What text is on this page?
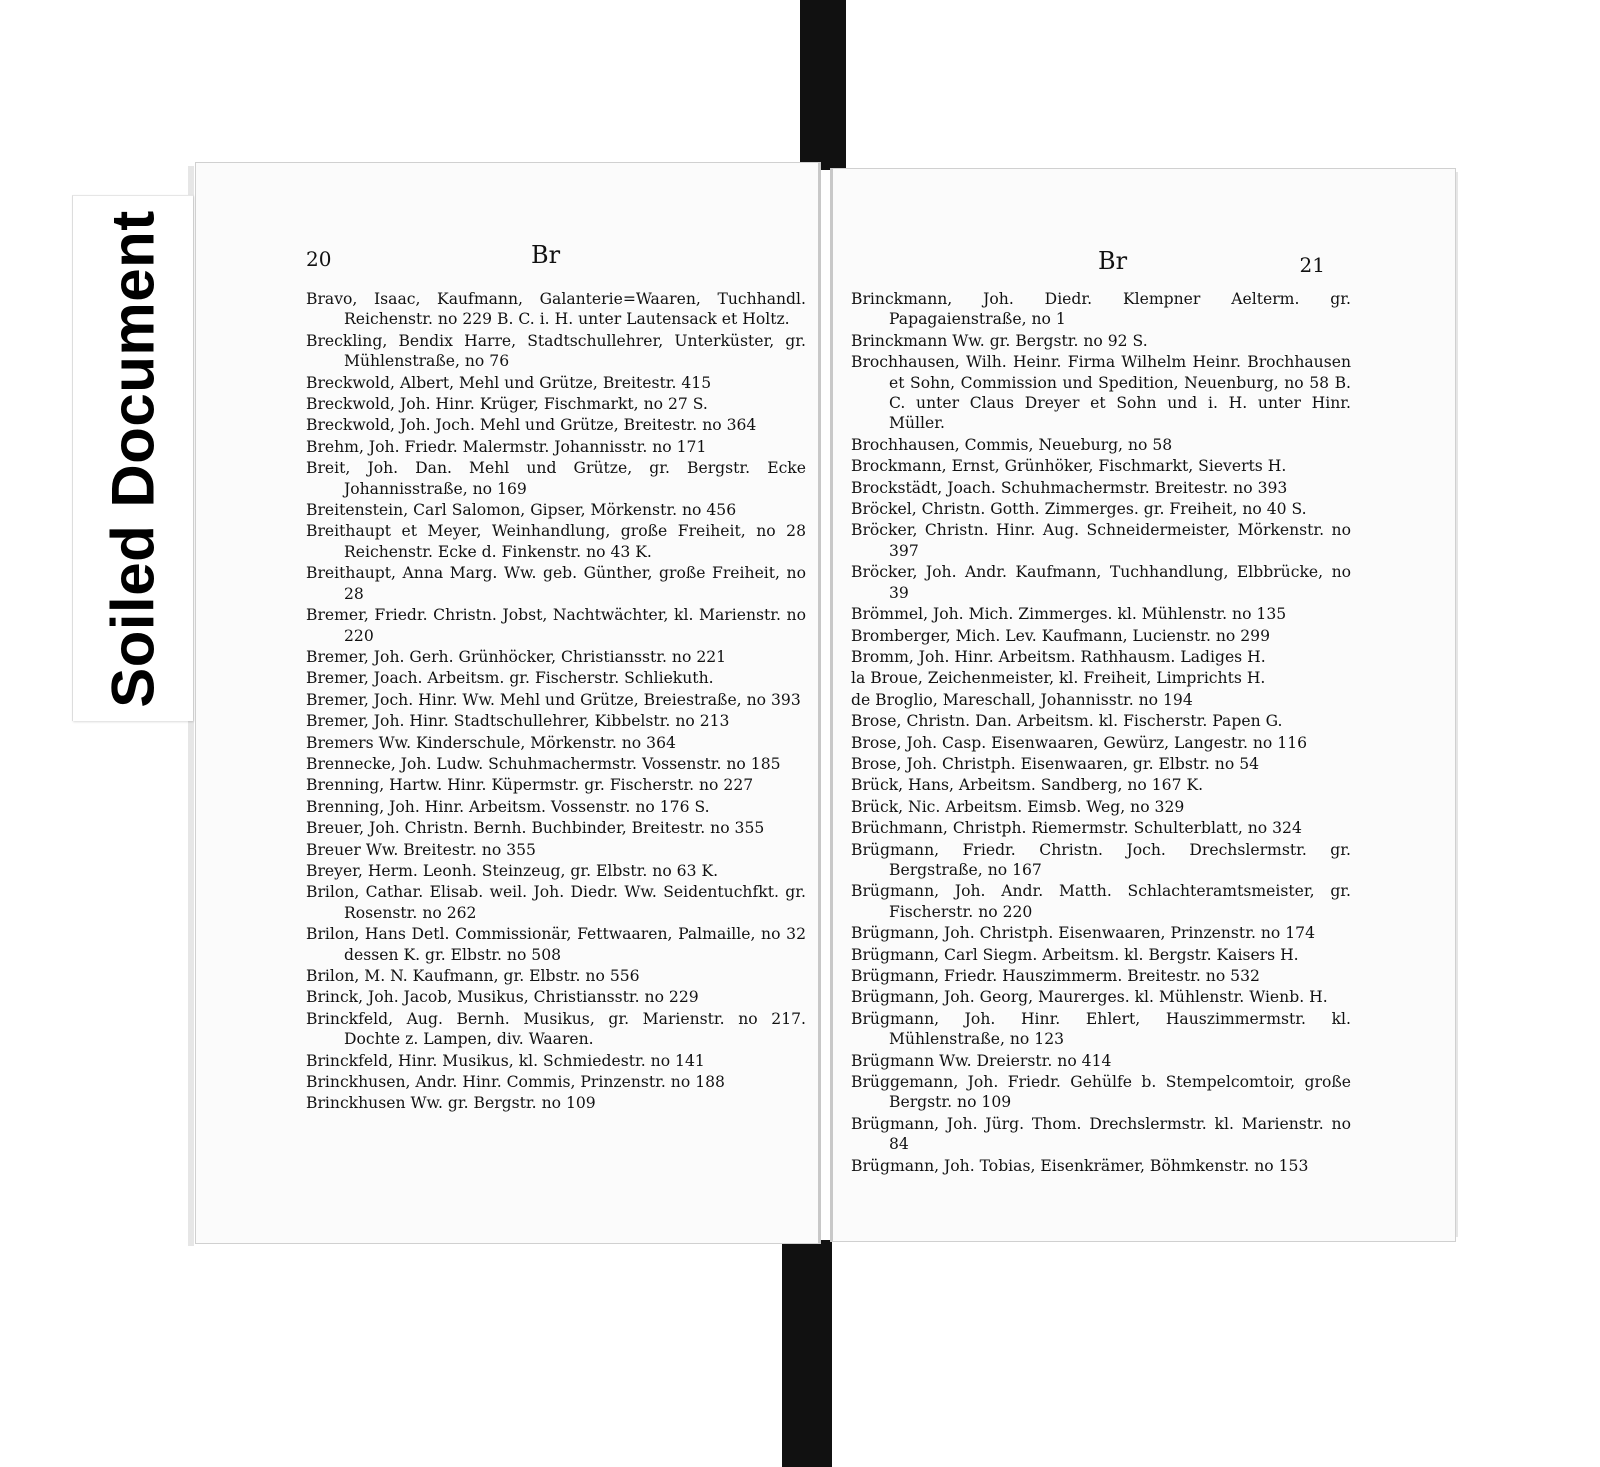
Soiled Document	20	Br
Bravo, Isaac, Kaufmann, Galanterie=Waaren, Tuchhandl. Reichenstr. no 229 B. C. i. H. unter Lautensack et Holtz.
Breckling, Bendix Harre, Stadtschullehrer, Unterküster, gr. Mühlenstraße, no 76
Breckwold, Albert, Mehl und Grütze, Breitestr. 415
Breckwold, Joh. Hinr. Krüger, Fischmarkt, no 27 S.
Breckwold, Joh. Joch. Mehl und Grütze, Breitestr. no 364
Brehm, Joh. Friedr. Malermstr. Johannisstr. no 171
Breit, Joh. Dan. Mehl und Grütze, gr. Bergstr. Ecke Johannisstraße, no 169
Breitenstein, Carl Salomon, Gipser, Mörkenstr. no 456
Breithaupt et Meyer, Weinhandlung, große Freiheit, no 28 Reichenstr. Ecke d. Finkenstr. no 43 K.
Breithaupt, Anna Marg. Ww. geb. Günther, große Freiheit, no 28
Bremer, Friedr. Christn. Jobst, Nachtwächter, kl. Marienstr. no 220
Bremer, Joh. Gerh. Grünhöcker, Christiansstr. no 221
Bremer, Joach. Arbeitsm. gr. Fischerstr. Schliekuth.
Bremer, Joch. Hinr. Ww. Mehl und Grütze, Breiestraße, no 393
Bremer, Joh. Hinr. Stadtschullehrer, Kibbelstr. no 213
Bremers Ww. Kinderschule, Mörkenstr. no 364
Brennecke, Joh. Ludw. Schuhmachermstr. Vossenstr. no 185
Brenning, Hartw. Hinr. Küpermstr. gr. Fischerstr. no 227
Brenning, Joh. Hinr. Arbeitsm. Vossenstr. no 176 S.
Breuer, Joh. Christn. Bernh. Buchbinder, Breitestr. no 355
Breuer Ww. Breitestr. no 355
Breyer, Herm. Leonh. Steinzeug, gr. Elbstr. no 63 K.
Brilon, Cathar. Elisab. weil. Joh. Diedr. Ww. Seidentuchfkt. gr. Rosenstr. no 262
Brilon, Hans Detl. Commissionär, Fettwaaren, Palmaille, no 32 dessen K. gr. Elbstr. no 508
Brilon, M. N. Kaufmann, gr. Elbstr. no 556
Brinck, Joh. Jacob, Musikus, Christiansstr. no 229
Brinckfeld, Aug. Bernh. Musikus, gr. Marienstr. no 217. Dochte z. Lampen, div. Waaren.
Brinckfeld, Hinr. Musikus, kl. Schmiedestr. no 141
Brinckhusen, Andr. Hinr. Commis, Prinzenstr. no 188
Brinckhusen Ww. gr. Bergstr. no 109
Br	21
Brinckmann, Joh. Diedr. Klempner Aelterm. gr. Papagaienstraße, no 1
Brinckmann Ww. gr. Bergstr. no 92 S.
Brochhausen, Wilh. Heinr. Firma Wilhelm Heinr. Brochhausen et Sohn, Commission und Spedition, Neuenburg, no 58 B. C. unter Claus Dreyer et Sohn und i. H. unter Hinr. Müller.
Brochhausen, Commis, Neueburg, no 58
Brockmann, Ernst, Grünhöker, Fischmarkt, Sieverts H.
Brockstädt, Joach. Schuhmachermstr. Breitestr. no 393
Bröckel, Christn. Gotth. Zimmerges. gr. Freiheit, no 40 S.
Bröcker, Christn. Hinr. Aug. Schneidermeister, Mörkenstr. no 397
Bröcker, Joh. Andr. Kaufmann, Tuchhandlung, Elbbrücke, no 39
Brömmel, Joh. Mich. Zimmerges. kl. Mühlenstr. no 135
Bromberger, Mich. Lev. Kaufmann, Lucienstr. no 299
Bromm, Joh. Hinr. Arbeitsm. Rathhausm. Ladiges H.
la Broue, Zeichenmeister, kl. Freiheit, Limprichts H.
de Broglio, Mareschall, Johannisstr. no 194
Brose, Christn. Dan. Arbeitsm. kl. Fischerstr. Papen G.
Brose, Joh. Casp. Eisenwaaren, Gewürz, Langestr. no 116
Brose, Joh. Christph. Eisenwaaren, gr. Elbstr. no 54
Brück, Hans, Arbeitsm. Sandberg, no 167 K.
Brück, Nic. Arbeitsm. Eimsb. Weg, no 329
Brüchmann, Christph. Riemermstr. Schulterblatt, no 324
Brügmann, Friedr. Christn. Joch. Drechslermstr. gr. Bergstraße, no 167
Brügmann, Joh. Andr. Matth. Schlachteramtsmeister, gr. Fischerstr. no 220
Brügmann, Joh. Christph. Eisenwaaren, Prinzenstr. no 174
Brügmann, Carl Siegm. Arbeitsm. kl. Bergstr. Kaisers H.
Brügmann, Friedr. Hauszimmerm. Breitestr. no 532
Brügmann, Joh. Georg, Maurerges. kl. Mühlenstr. Wienb. H.
Brügmann, Joh. Hinr. Ehlert, Hauszimmermstr. kl. Mühlenstraße, no 123
Brügmann Ww. Dreierstr. no 414
Brüggemann, Joh. Friedr. Gehülfe b. Stempelcomtoir, große Bergstr. no 109
Brügmann, Joh. Jürg. Thom. Drechslermstr. kl. Marienstr. no 84
Brügmann, Joh. Tobias, Eisenkrämer, Böhmkenstr. no 153
